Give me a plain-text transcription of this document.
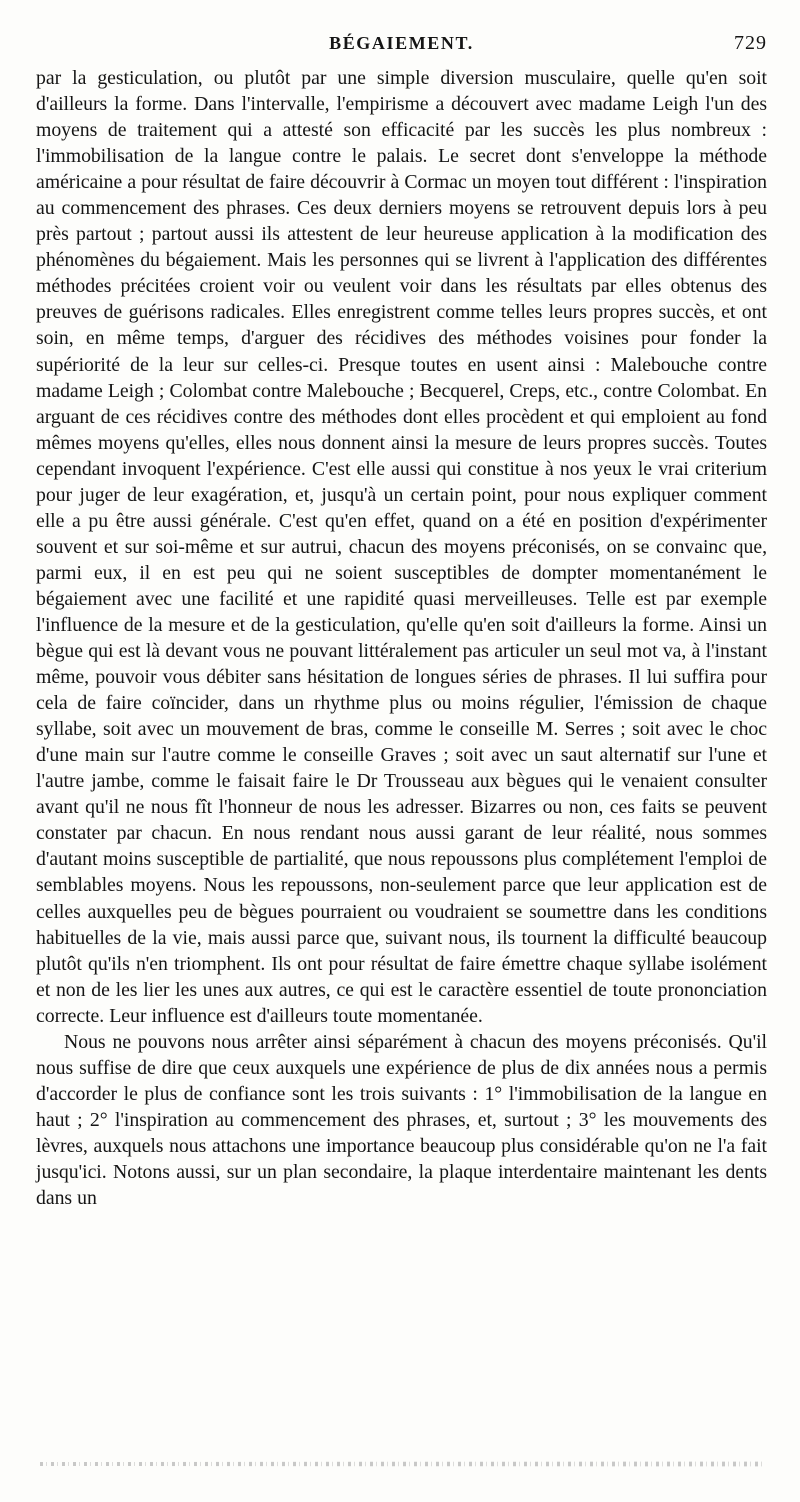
BÉGAIEMENT.	729

par la gesticulation, ou plutôt par une simple diversion musculaire, quelle qu'en soit d'ailleurs la forme. Dans l'intervalle, l'empirisme a découvert avec madame Leigh l'un des moyens de traitement qui a attesté son efficacité par les succès les plus nombreux : l'immobilisation de la langue contre le palais. Le secret dont s'enveloppe la méthode américaine a pour résultat de faire découvrir à Cormac un moyen tout différent : l'inspiration au commencement des phrases. Ces deux derniers moyens se retrouvent depuis lors à peu près partout ; partout aussi ils attestent de leur heureuse application à la modification des phénomènes du bégaiement. Mais les personnes qui se livrent à l'application des différentes méthodes précitées croient voir ou veulent voir dans les résultats par elles obtenus des preuves de guérisons radicales. Elles enregistrent comme telles leurs propres succès, et ont soin, en même temps, d'arguer des récidives des méthodes voisines pour fonder la supériorité de la leur sur celles-ci. Presque toutes en usent ainsi : Malebouche contre madame Leigh ; Colombat contre Malebouche ; Becquerel, Creps, etc., contre Colombat. En arguant de ces récidives contre des méthodes dont elles procèdent et qui emploient au fond mêmes moyens qu'elles, elles nous donnent ainsi la mesure de leurs propres succès. Toutes cependant invoquent l'expérience. C'est elle aussi qui constitue à nos yeux le vrai criterium pour juger de leur exagération, et, jusqu'à un certain point, pour nous expliquer comment elle a pu être aussi générale. C'est qu'en effet, quand on a été en position d'expérimenter souvent et sur soi-même et sur autrui, chacun des moyens préconisés, on se convainc que, parmi eux, il en est peu qui ne soient susceptibles de dompter momentanément le bégaiement avec une facilité et une rapidité quasi merveilleuses. Telle est par exemple l'influence de la mesure et de la gesticulation, qu'elle qu'en soit d'ailleurs la forme. Ainsi un bègue qui est là devant vous ne pouvant littéralement pas articuler un seul mot va, à l'instant même, pouvoir vous débiter sans hésitation de longues séries de phrases. Il lui suffira pour cela de faire coïncider, dans un rhythme plus ou moins régulier, l'émission de chaque syllabe, soit avec un mouvement de bras, comme le conseille M. Serres ; soit avec le choc d'une main sur l'autre comme le conseille Graves ; soit avec un saut alternatif sur l'une et l'autre jambe, comme le faisait faire le Dr Trousseau aux bègues qui le venaient consulter avant qu'il ne nous fît l'honneur de nous les adresser. Bizarres ou non, ces faits se peuvent constater par chacun. En nous rendant nous aussi garant de leur réalité, nous sommes d'autant moins susceptible de partialité, que nous repoussons plus complétement l'emploi de semblables moyens. Nous les repoussons, non-seulement parce que leur application est de celles auxquelles peu de bègues pourraient ou voudraient se soumettre dans les conditions habituelles de la vie, mais aussi parce que, suivant nous, ils tournent la difficulté beaucoup plutôt qu'ils n'en triomphent. Ils ont pour résultat de faire émettre chaque syllabe isolément et non de les lier les unes aux autres, ce qui est le caractère essentiel de toute prononciation correcte. Leur influence est d'ailleurs toute momentanée.

Nous ne pouvons nous arrêter ainsi séparément à chacun des moyens préconisés. Qu'il nous suffise de dire que ceux auxquels une expérience de plus de dix années nous a permis d'accorder le plus de confiance sont les trois suivants : 1° l'immobilisation de la langue en haut ; 2° l'inspiration au commencement des phrases, et, surtout ; 3° les mouvements des lèvres, auxquels nous attachons une importance beaucoup plus considérable qu'on ne l'a fait jusqu'ici. Notons aussi, sur un plan secondaire, la plaque interdentaire maintenant les dents dans un
